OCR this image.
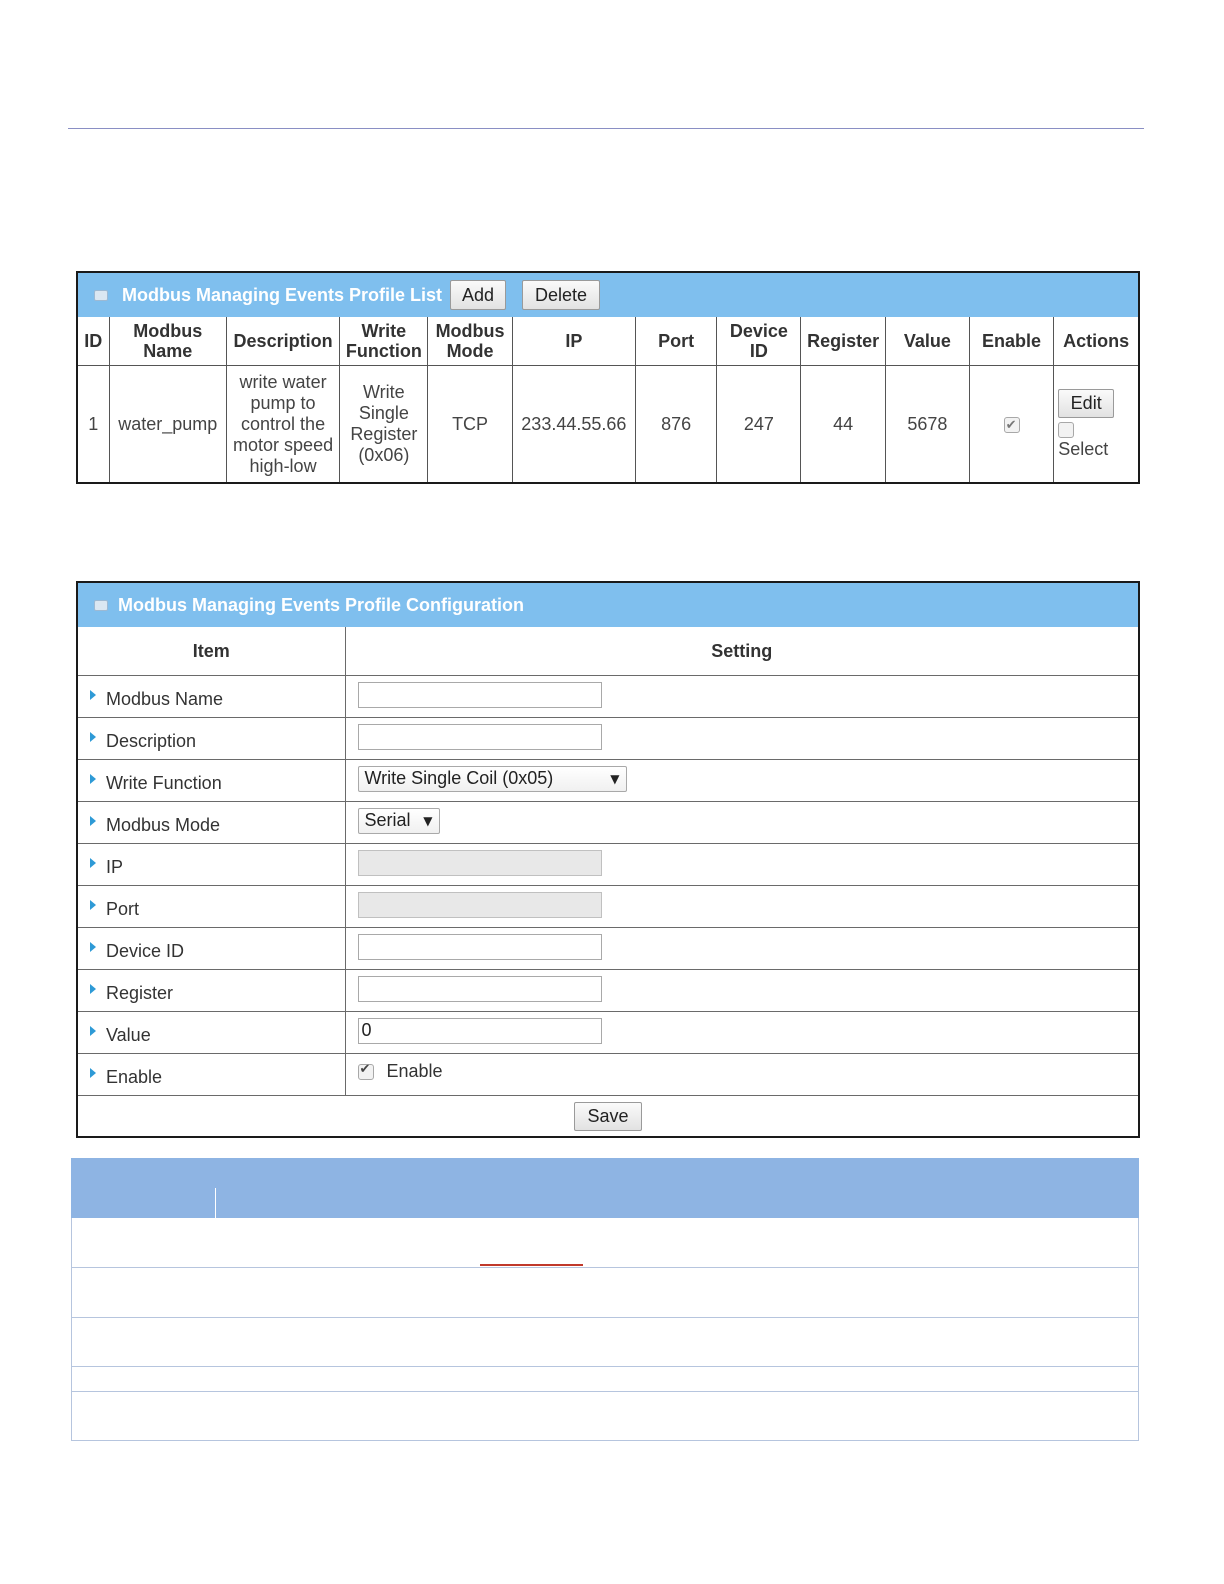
Modbus Managing Events Profile List	Add	Delete
ID	Modbus Name	Description	Write Function	Modbus Mode	IP	Port	Device ID	Register	Value	Enable	Actions
1	water_pump	write water pump to control the motor speed high-low	Write Single Register (0x06)	TCP	233.44.55.66	876	247	44	5678	✔	Edit

Select
Modbus Managing Events Profile Configuration
Item	Setting
Modbus Name	
Description	
Write Function	Write Single Coil (0x05) ▼

Modbus Mode	Serial ▼

IP	
Port	
Device ID	
Register	
Value	0
Enable	✔Enable
Save	
